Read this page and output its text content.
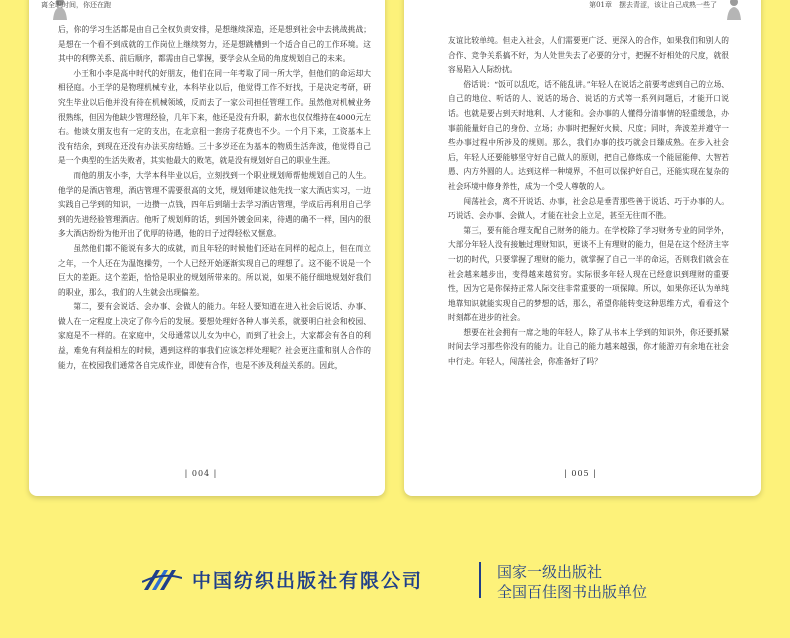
离全职时间，你还在跑

后，你的学习生活都是由自己全权负责安排，是想继续深造，还是想到社会中去挑战挑战；是想在一个看不到成就的工作岗位上继续努力，还是想跳槽到一个适合自己的工作环境。这其中的利弊关系、前后顺序，都需由自己掌握，要学会从全局的角度规划自己的未来。

小王和小李是高中时代的好朋友，他们在同一年考取了同一所大学，但他们的命运却大相径庭。小王学的是物理机械专业，本科毕业以后，他觉得工作不好找，于是决定考研，研究生毕业以后他并没有待在机械领域，反而去了一家公司担任管理工作。虽然他对机械业务很熟练，但因为他缺少管理经验，几年下来，他还是没有升职，薪水也仅仅维持在4000元左右。他谈女朋友也有一定的支出，在北京租一套房子花费也不少。一个月下来，工资基本上没有结余，到现在还没有办法买房结婚。三十多岁还在为基本的物质生活奔波，他觉得自己是一个典型的生活失败者，其实他最大的败笔，就是没有规划好自己的职业生涯。

而他的朋友小李，大学本科毕业以后，立刻找到一个职业规划师帮他规划自己的人生。他学的是酒店管理，酒店管理不需要很高的文凭，规划师建议他先找一家大酒店实习，一边实践自己学到的知识，一边攒一点钱，四年后到瑞士去学习酒店管理，学成后再利用自己学到的先进经验管理酒店。他听了规划师的话，到国外镀金回来，待遇的确不一样，国内的很多大酒店纷纷为他开出了优厚的待遇，他的日子过得轻松又惬意。

虽然他们都不能说有多大的成就，而且年轻的时候他们还站在同样的起点上，但在而立之年，一个人还在为温饱操劳，一个人已经开始逐渐实现自己的理想了。这不能不说是一个巨大的差距。这个差距，恰恰是职业的规划所带来的。所以说，如果不能仔细地规划好我们的职业，那么，我们的人生就会出现偏差。

第二，要有会说话、会办事、会做人的能力。年轻人要知道在进入社会后说话、办事、做人在一定程度上决定了你今后的发展。要想处理好各种人事关系，就要明白社会和校园、家庭是不一样的。在家庭中，父母通常以儿女为中心，而到了社会上，大家都会有各自的利益，难免有利益相左的时候，遇到这样的事我们应该怎样处理呢？社会更注重和别人合作的能力，在校园我们通常各自完成作业，即使有合作，也是不涉及利益关系的。因此，

| 004 |
第01章　摆去青涩，该让自己成熟一些了

友谊比较单纯。但走入社会，人们需要更广泛、更深入的合作，如果我们和别人的合作、竞争关系搞不好，为人处世失去了必要的分寸，把握不好相处的尺度，就很容易陷入人际纷扰。

俗话说：“饭可以乱吃，话不能乱讲。”年轻人在说话之前要考虑到自己的立场、自己的地位、听话的人、说话的场合、说话的方式等一系列问题后，才能开口说话。也就是要占到天时地利、人才能和。会办事的人懂得分清事情的轻重缓急，办事前能量好自己的身份、立场；办事时把握好火候、尺度；同时，奔波差并遵守一些办事过程中所涉及的规则。那么，我们办事的技巧就会日臻成熟。在步入社会后，年轻人还要能够坚守好自己做人的原则，把自己修炼成一个能屈能伸、大智若愚、内方外圆的人。达到这样一种境界，不但可以保护好自己，还能实现在复杂的社会环境中修身养性，成为一个受人尊敬的人。

闯荡社会，离不开说话、办事，社会总是垂青那些善于说话、巧于办事的人。巧说话、会办事、会做人，才能在社会上立足，甚至无往而不胜。

第三，要有能合理支配自己财务的能力。在学校除了学习财务专业的同学外，大部分年轻人没有接触过理财知识，更谈不上有理财的能力，但是在这个经济主宰一切的时代，只要掌握了理财的能力，就掌握了自己一半的命运，否则我们就会在社会越来越步出，变得越来越贫穷。实际很多年轻人现在已经意识到理财的重要性，因为它是你保持正常人际交往非常重要的一项保障。所以，如果你还认为单纯地靠知识就能实现自己的梦想的话，那么，希望你能转变这种思维方式，看看这个时刻都在进步的社会。

想要在社会拥有一席之地的年轻人，除了从书本上学到的知识外，你还要抓紧时间去学习那些你没有的能力。让自己的能力越来越强，你才能游刃有余地在社会中行走。年轻人，闯荡社会，你准备好了吗？

| 005 |
中国纺织出版社有限公司	国家一级出版社
全国百佳图书出版单位
